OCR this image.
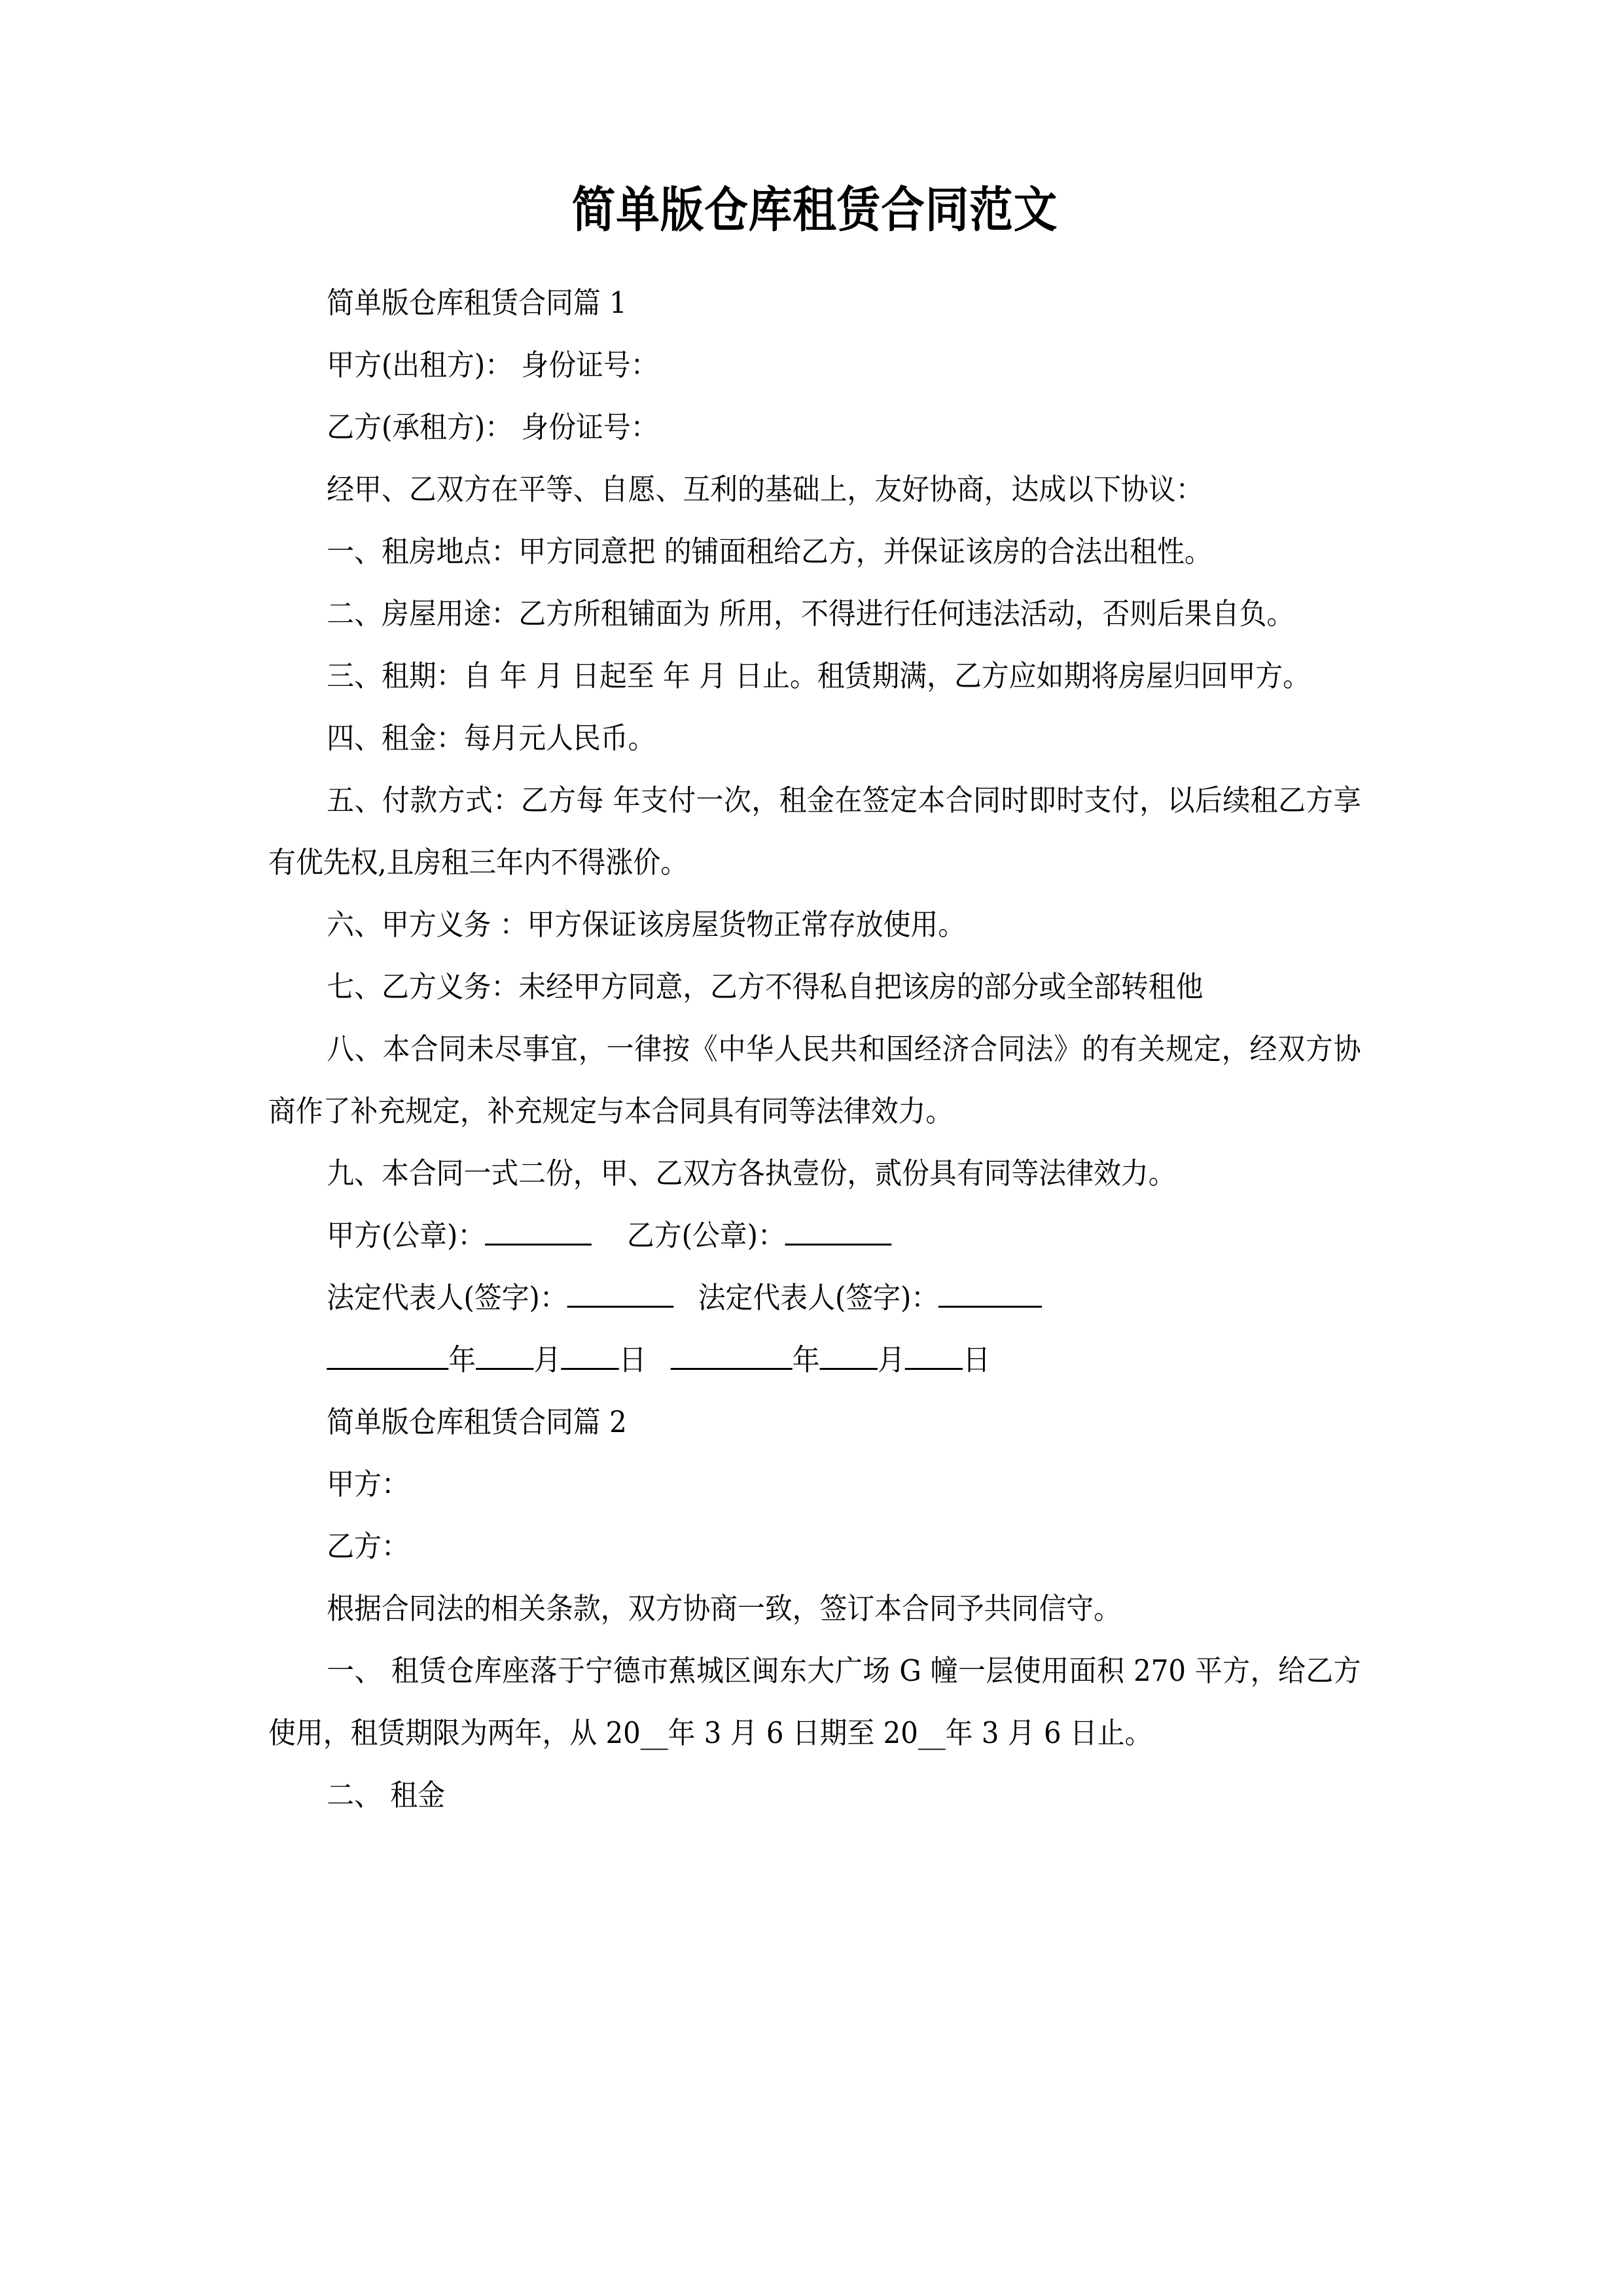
简单版仓库租赁合同范文

简单版仓库租赁合同篇 1

甲方(出租方)： 身份证号：

乙方(承租方)： 身份证号：

经甲、乙双方在平等、自愿、互利的基础上，友好协商，达成以下协议：

一、租房地点：甲方同意把 的铺面租给乙方，并保证该房的合法出租性。

二、房屋用途：乙方所租铺面为 所用，不得进行任何违法活动，否则后果自负。

三、租期：自 年 月 日起至 年 月 日止。租赁期满，乙方应如期将房屋归回甲方。

四、租金：每月元人民币。

五、付款方式：乙方每 年支付一次，租金在签定本合同时即时支付，以后续租乙方享有优先权,且房租三年内不得涨价。

六、甲方义务 ：甲方保证该房屋货物正常存放使用。

七、乙方义务：未经甲方同意，乙方不得私自把该房的部分或全部转租他

八、本合同未尽事宜，一律按《中华人民共和国经济合同法》的有关规定，经双方协商作了补充规定，补充规定与本合同具有同等法律效力。

九、本合同一式二份，甲、乙双方各执壹份，贰份具有同等法律效力。

甲方(公章)：	乙方(公章)：

法定代表人(签字)：	法定代表人(签字)：

年 月 日	年 月 日

简单版仓库租赁合同篇 2

甲方：

乙方：

根据合同法的相关条款，双方协商一致，签订本合同予共同信守。

一、 租赁仓库座落于宁德市蕉城区闽东大广场 G 幢一层使用面积 270 平方，给乙方使用，租赁期限为两年，从 20__年 3 月 6 日期至 20__年 3 月 6 日止。

二、 租金
